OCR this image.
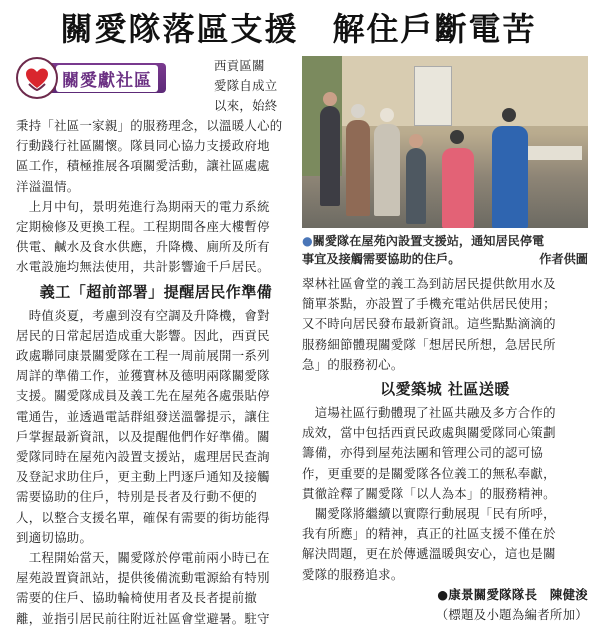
關愛隊落區支援　解住戶斷電苦
關愛獻社區
西貢區關
愛隊自成立
以來，始終
秉持「社區一家親」的服務理念，以溫暖人心的
行動踐行社區關懷。隊員同心協力支援政府地
區工作，積極推展各項關愛活動，讓社區處處
洋溢溫情。
　上月中旬，景明苑進行為期兩天的電力系統
定期檢修及更換工程。工程期間各座大樓暫停
供電、鹹水及食水供應，升降機、廁所及所有
水電設施均無法使用，共計影響逾千戶居民。
義工「超前部署」提醒居民作準備
　時值炎夏，考慮到沒有空調及升降機，會對
居民的日常起居造成重大影響。因此，西貢民
政處聯同康景關愛隊在工程一周前展開一系列
周詳的準備工作，並獲寶林及德明兩隊關愛隊
支援。關愛隊成員及義工先在屋苑各處張貼停
電通告，並透過電話群組發送溫馨提示，讓住
戶掌握最新資訊，以及提醒他們作好準備。關
愛隊同時在屋苑內設置支援站，處理居民查詢
及登記求助住戶，更主動上門逐戶通知及接觸
需要協助的住戶，特別是長者及行動不便的
人，以整合支援名單，確保有需要的街坊能得
到適切協助。
　工程開始當天，關愛隊於停電前兩小時已在
屋苑設置資訊站，提供後備流動電源給有特別
需要的住戶、協助輪椅使用者及長者提前撤
離，並指引居民前往附近社區會堂避暑。駐守
●關愛隊在屋苑內設置支援站，通知居民停電
事宜及接觸需要協助的住戶。	作者供圖
翠林社區會堂的義工為到訪居民提供飲用水及
簡單茶點，亦設置了手機充電站供居民使用；
又不時向居民發布最新資訊。這些點點滴滴的
服務細節體現關愛隊「想居民所想，急居民所
急」的服務初心。
以愛築城 社區送暖
　這場社區行動體現了社區共融及多方合作的
成效，當中包括西貢民政處與關愛隊同心策劃
籌備，亦得到屋苑法團和管理公司的認可協
作，更重要的是關愛隊各位義工的無私奉獻，
貫徹詮釋了關愛隊「以人為本」的服務精神。
　關愛隊將繼續以實際行動展現「民有所呼，
我有所應」的精神，真正的社區支援不僅在於
解決問題，更在於傳遞溫暖與安心，這也是關
愛隊的服務追求。
●康景關愛隊隊長　陳健浚
（標題及小題為編者所加）
